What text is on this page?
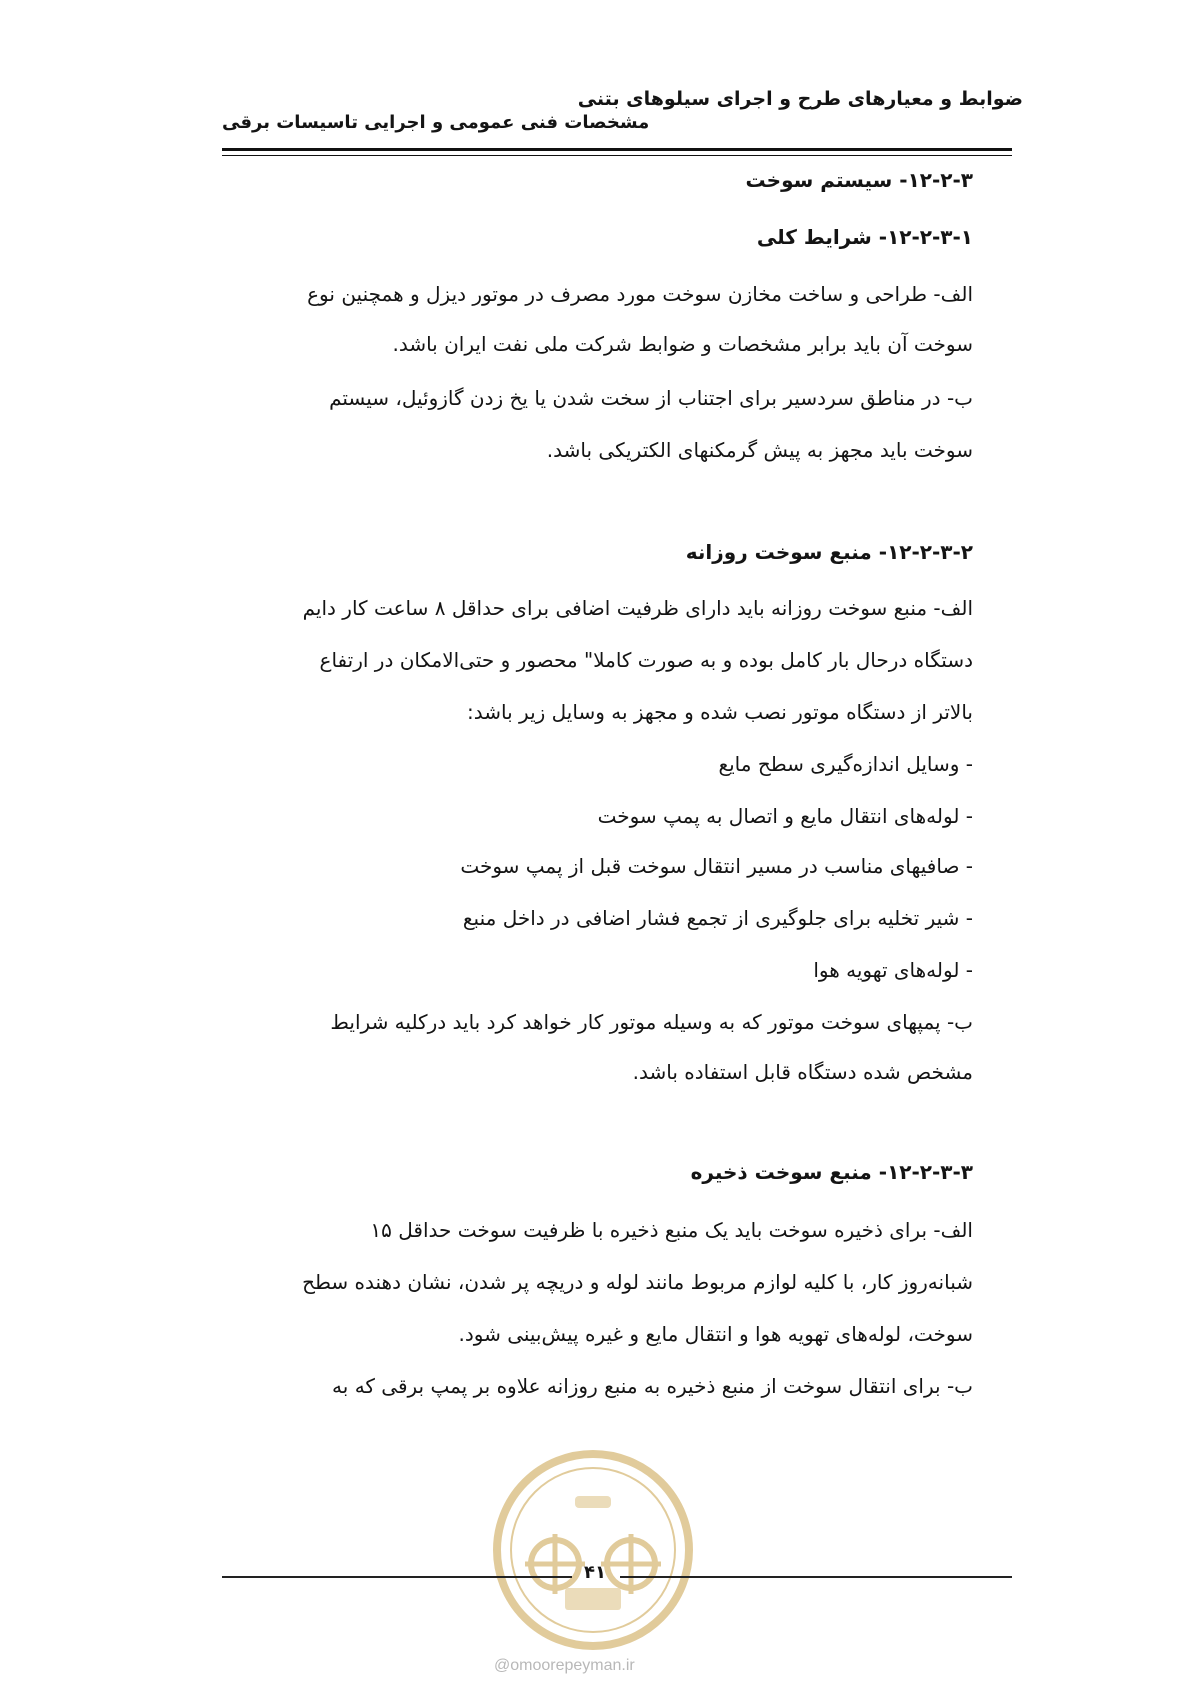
ضوابط و معیارهای طرح و اجرای سیلوهای بتنی
مشخصات فنی عمومی و اجرایی تاسیسات برقی
۱۲-۲-۳- سیستم سوخت
۱۲-۲-۳-۱- شرایط کلی
الف- طراحی و ساخت مخازن سوخت مورد مصرف در موتور دیزل و همچنین نوع
سوخت آن باید برابر مشخصات و ضوابط شرکت ملی نفت ایران باشد.
ب- در مناطق سردسیر برای اجتناب از سخت شدن یا یخ زدن گازوئیل، سیستم
سوخت باید مجهز به پیش گرمکنهای الکتریکی باشد.
۱۲-۲-۳-۲- منبع سوخت روزانه
الف- منبع سوخت روزانه باید دارای ظرفیت اضافی برای حداقل ۸ ساعت کار دایم
دستگاه درحال بار کامل بوده و به صورت کاملا" محصور و حتی‌الامکان در ارتفاع
بالاتر از دستگاه موتور نصب شده و مجهز به وسایل زیر باشد:
- وسایل اندازه‌گیری سطح مایع
- لوله‌های انتقال مایع و اتصال به پمپ سوخت
- صافیهای مناسب در مسیر انتقال سوخت قبل از پمپ سوخت
- شیر تخلیه برای جلوگیری از تجمع فشار اضافی در داخل منبع
- لوله‌های تهویه هوا
ب- پمپهای سوخت موتور که به وسیله موتور کار خواهد کرد باید درکلیه شرایط
مشخص شده دستگاه قابل استفاده باشد.
۱۲-۲-۳-۳- منبع سوخت ذخیره
الف- برای ذخیره سوخت باید یک منبع ذخیره با ظرفیت سوخت حداقل ۱۵
شبانه‌روز کار، با کلیه لوازم مربوط مانند لوله و دریچه پر شدن، نشان دهنده سطح
سوخت، لوله‌های تهویه هوا و انتقال مایع و غیره پیش‌بینی شود.
ب- برای انتقال سوخت از منبع ذخیره به منبع روزانه علاوه بر پمپ برقی که به
۴۱
@omoorepeyman.ir
